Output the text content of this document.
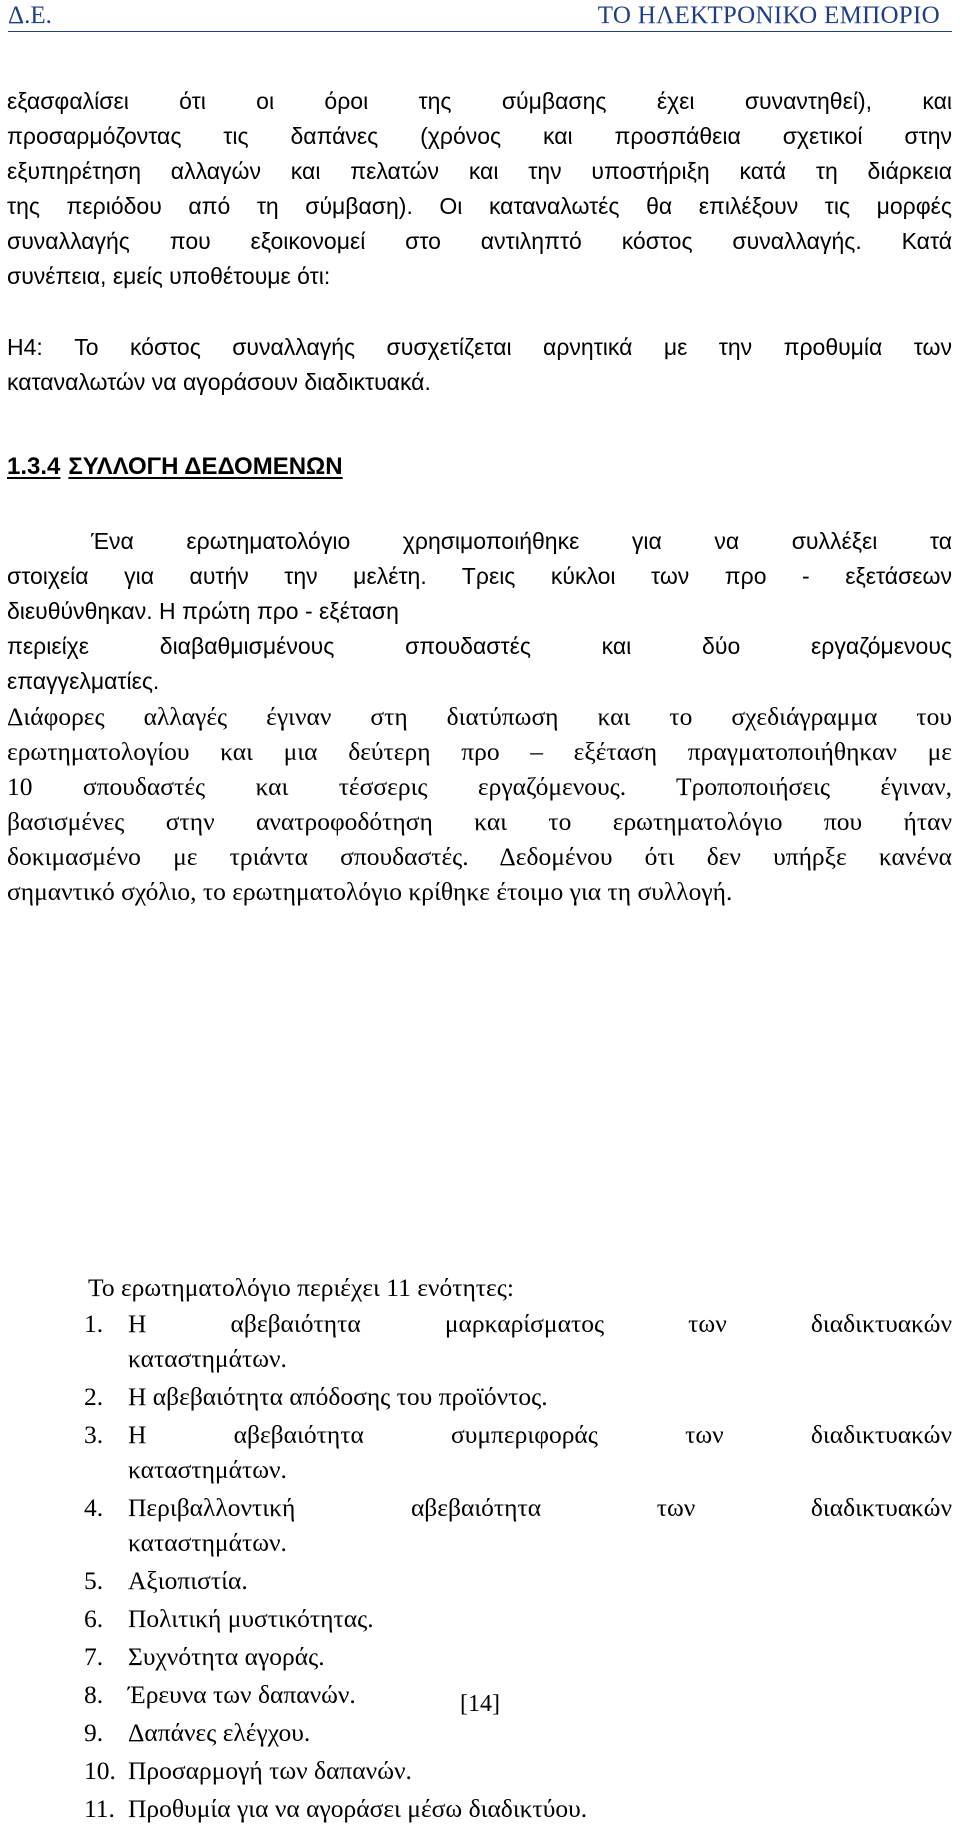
Δ.Ε.	ΤΟ ΗΛΕΚΤΡΟΝΙΚΟ ΕΜΠΟΡΙΟ
εξασφαλίσει ότι οι όροι της σύμβασης έχει συναντηθεί), και
προσαρμόζοντας τις δαπάνες (χρόνος και προσπάθεια σχετικοί στην
εξυπηρέτηση αλλαγών και πελατών και την υποστήριξη κατά τη διάρκεια
της περιόδου από τη σύμβαση). Οι καταναλωτές θα επιλέξουν τις μορφές
συναλλαγής που εξοικονομεί στο αντιληπτό κόστος συναλλαγής. Κατά
συνέπεια, εμείς υποθέτουμε ότι:
H4: Το κόστος συναλλαγής συσχετίζεται αρνητικά με την προθυμία των
καταναλωτών να αγοράσουν διαδικτυακά.
1.3.4 ΣΥΛΛΟΓΗ ΔΕΔΟΜΕΝΩΝ
Ένα ερωτηματολόγιο χρησιμοποιήθηκε για να συλλέξει τα
στοιχεία για αυτήν την μελέτη. Τρεις κύκλοι των προ - εξετάσεων
διευθύνθηκαν. Η πρώτη προ - εξέταση
περιείχε διαβαθμισμένους σπουδαστές και δύο εργαζόμενους
επαγγελματίες.
Διάφορες αλλαγές έγιναν στη διατύπωση και το σχεδιάγραμμα του
ερωτηματολογίου και μια δεύτερη προ – εξέταση πραγματοποιήθηκαν με
10 σπουδαστές και τέσσερις εργαζόμενους. Τροποποιήσεις έγιναν,
βασισμένες στην ανατροφοδότηση και το ερωτηματολόγιο που ήταν
δοκιμασμένο με τριάντα σπουδαστές. Δεδομένου ότι δεν υπήρξε κανένα
σημαντικό σχόλιο, το ερωτηματολόγιο κρίθηκε έτοιμο για τη συλλογή.
Το ερωτηματολόγιο περιέχει 11 ενότητες:
1. Η αβεβαιότητα μαρκαρίσματος των διαδικτυακών
καταστημάτων.
2. Η αβεβαιότητα απόδοσης του προϊόντος.
3. Η αβεβαιότητα συμπεριφοράς των διαδικτυακών
καταστημάτων.
4. Περιβαλλοντική αβεβαιότητα των διαδικτυακών
καταστημάτων.
5. Αξιοπιστία.
6. Πολιτική μυστικότητας.
7. Συχνότητα αγοράς.
8. Έρευνα των δαπανών.
9. Δαπάνες ελέγχου.
10. Προσαρμογή των δαπανών.
11. Προθυμία για να αγοράσει μέσω διαδικτύου.
[14]
